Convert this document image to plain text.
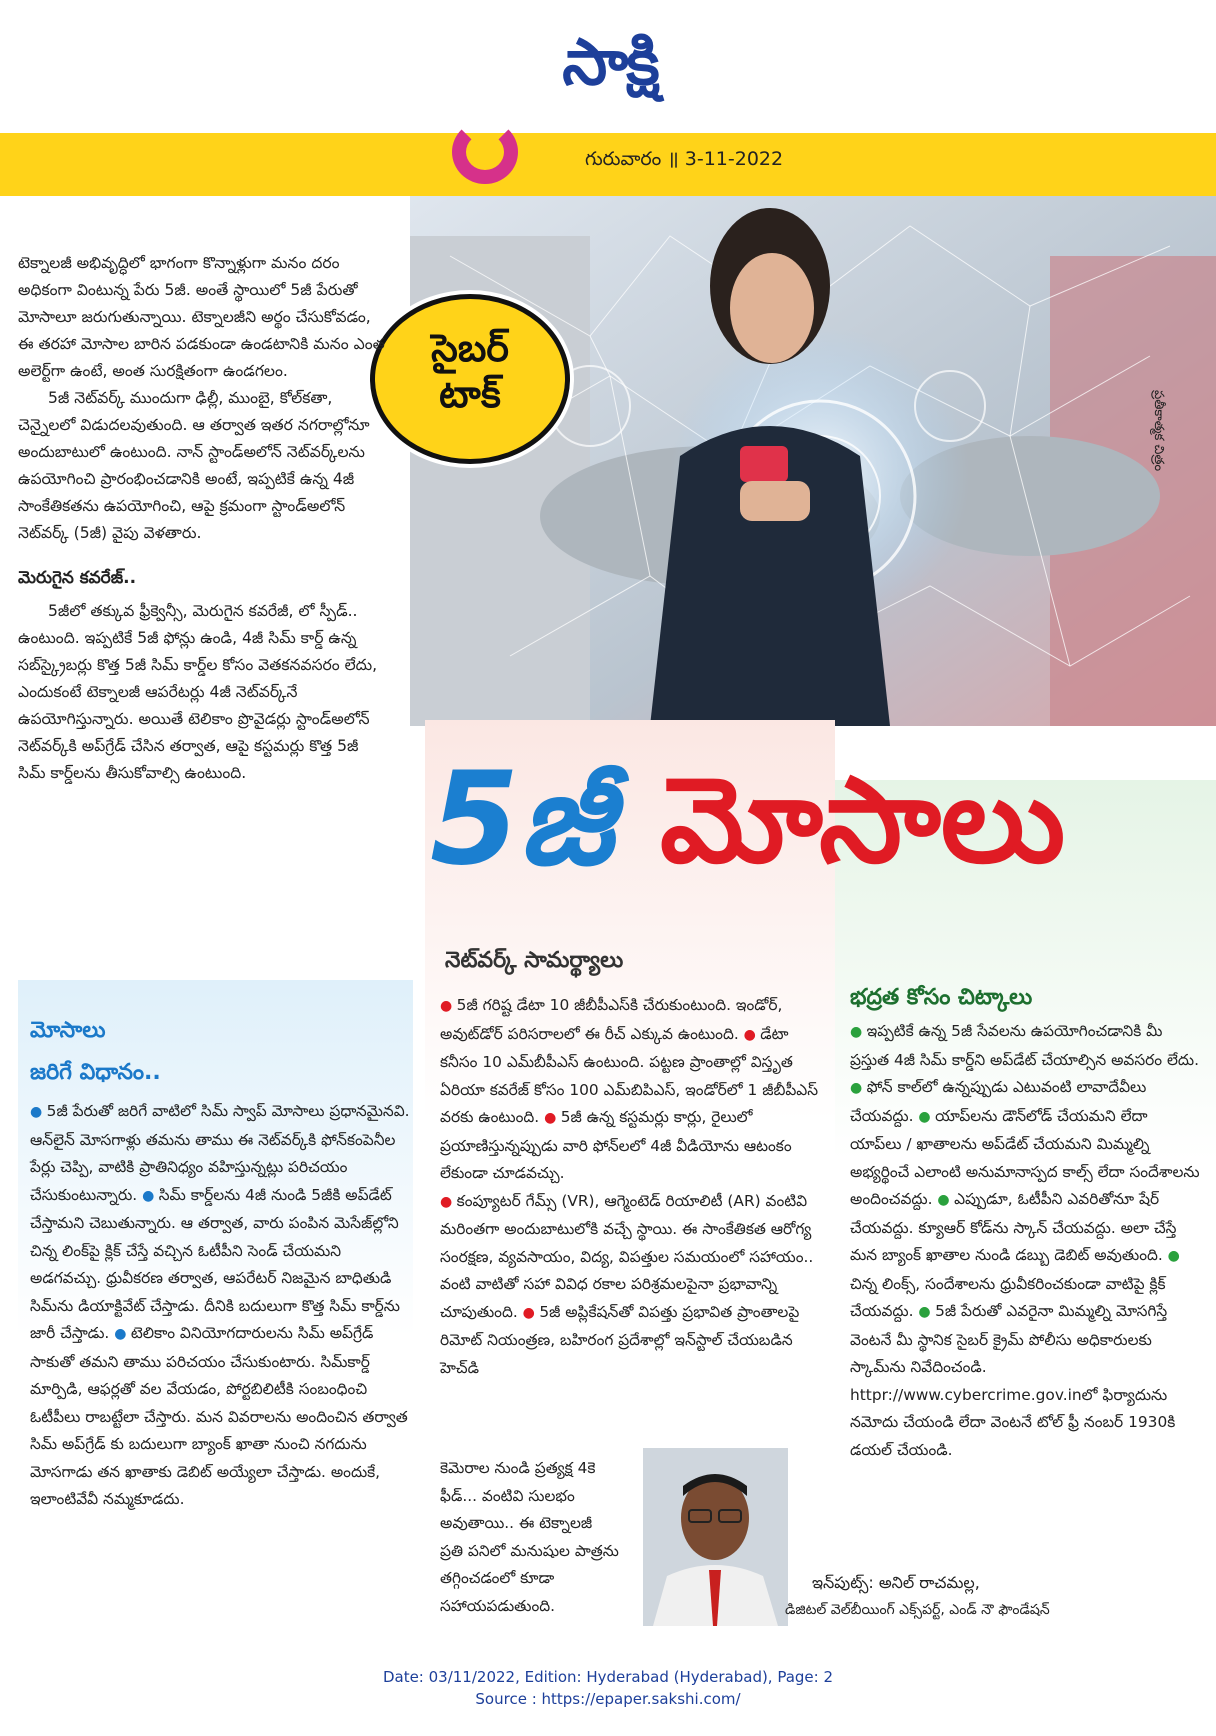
సాక్షి
గురువారం ॥ 3-11-2022
సైబర్
టాక్	ప్రతీకాత్మక చిత్రం

టెక్నాలజీ అభివృద్ధిలో భాగంగా కొన్నాళ్లుగా మనం దరం అధికంగా వింటున్న పేరు 5జీ. అంతే స్థాయిలో 5జీ పేరుతో మోసాలూ జరుగుతున్నాయి. టెక్నాలజీని అర్థం చేసుకోవడం, ఈ తరహా మోసాల బారిన పడకుండా ఉండటానికి మనం ఎంత అలెర్ట్‌గా ఉంటే, అంత సురక్షితంగా ఉండగలం.

5జీ నెట్‌వర్క్‌ ముందుగా ఢిల్లీ, ముంబై, కోల్‌కతా, చెన్నైలలో విడుదలవుతుంది. ఆ తర్వాత ఇతర నగరాల్లోనూ అందుబాటులో ఉంటుంది. నాన్‌ స్టాండ్‌అలోన్‌ నెట్‌వర్క్‌లను ఉపయోగించి ప్రారంభించడానికి అంటే, ఇప్పటికే ఉన్న 4జీ సాంకేతికతను ఉపయోగించి, ఆపై క్రమంగా స్టాండ్‌అలోన్‌ నెట్‌వర్క్‌ (5జీ) వైపు వెళతారు.

మెరుగైన కవరేజ్‌..

5జీలో తక్కువ ఫ్రీక్వెన్సీ, మెరుగైన కవరేజీ, లో స్పీడ్‌.. ఉంటుంది. ఇప్పటికే 5జీ ఫోన్లు ఉండి, 4జీ సిమ్‌ కార్డ్‌ ఉన్న సబ్‌స్క్రైబర్లు కొత్త 5జీ సిమ్‌ కార్డ్‌ల కోసం వెతకనవసరం లేదు, ఎందుకంటే టెక్నాలజీ ఆపరేటర్లు 4జీ నెట్‌వర్క్‌నే ఉపయోగిస్తున్నారు. అయితే టెలికాం ప్రొవైడర్లు స్టాండ్‌అలోన్‌ నెట్‌వర్క్‌కి అప్‌గ్రేడ్‌ చేసిన తర్వాత, ఆపై కస్టమర్లు కొత్త 5జీ సిమ్‌ కార్డ్‌లను తీసుకోవాల్సి ఉంటుంది.	5జీ మోసాలు
నెట్‌వర్క్‌ సామర్థ్యాలు

● 5జీ గరిష్ట డేటా 10 జీబీపీఎస్‌కి చేరుకుంటుంది. ఇండోర్, అవుట్‌డోర్‌ పరిసరాలలో ఈ రీచ్‌ ఎక్కువ ఉంటుంది. ● డేటా కనీసం 10 ఎమ్‌బీపీఎస్‌ ఉంటుంది. పట్టణ ప్రాంతాల్లో విస్తృత ఏరియా కవరేజ్‌ కోసం 100 ఎమ్‌బిపిఎస్, ఇండోర్‌లో 1 జీబీపీఎస్‌ వరకు ఉంటుంది. ● 5జీ ఉన్న కస్టమర్లు కార్లు, రైలులో ప్రయాణిస్తున్నప్పుడు వారి ఫోన్‌లలో 4జీ వీడియోను ఆటంకం లేకుండా చూడవచ్చు.

● కంప్యూటర్‌ గేమ్స్‌ (VR), ఆగ్మెంటెడ్‌ రియాలిటీ (AR) వంటివి మరింతగా అందుబాటులోకి వచ్చే స్థాయి. ఈ సాంకేతికత ఆరోగ్య సంరక్షణ, వ్యవసాయం, విద్య, విపత్తుల సమయంలో సహాయం.. వంటి వాటితో సహా వివిధ రకాల పరిశ్రమలపైనా ప్రభావాన్ని చూపుతుంది. ● 5జీ అప్లికేషన్‌తో విపత్తు ప్రభావిత ప్రాంతాలపై రిమోట్‌ నియంత్రణ, బహిరంగ ప్రదేశాల్లో ఇన్‌స్టాల్‌ చేయబడిన హెచ్‌డి

కెమెరాల నుండి ప్రత్యక్ష 4కె ఫీడ్‌... వంటివి సులభం అవుతాయి.. ఈ టెక్నాలజీ ప్రతి పనిలో మనుషుల పాత్రను తగ్గించడంలో కూడా సహాయపడుతుంది.
భద్రత కోసం చిట్కాలు

● ఇప్పటికే ఉన్న 5జీ సేవలను ఉపయోగించడానికి మీ ప్రస్తుత 4జీ సిమ్‌ కార్డ్‌ని అప్‌డేట్‌ చేయాల్సిన అవసరం లేదు. ● ఫోన్‌ కాల్‌లో ఉన్నప్పుడు ఎటువంటి లావాదేవీలు చేయవద్దు. ● యాప్‌లను డౌన్‌లోడ్‌ చేయమని లేదా యాప్‌లు / ఖాతాలను అప్‌డేట్‌ చేయమని మిమ్మల్ని అభ్యర్థించే ఎలాంటి అనుమానాస్పద కాల్స్‌ లేదా సందేశాలను అందించవద్దు. ● ఎప్పుడూ, ఓటీపీని ఎవరితోనూ షేర్‌ చేయవద్దు. క్యూఆర్‌ కోడ్‌ను స్కాన్‌ చేయవద్దు. అలా చేస్తే మన బ్యాంక్‌ ఖాతాల నుండి డబ్బు డెబిట్‌ అవుతుంది. ● చిన్న లింక్స్, సందేశాలను ధ్రువీకరించకుండా వాటిపై క్లిక్‌ చేయవద్దు. ● 5జీ పేరుతో ఎవరైనా మిమ్మల్ని మోసగిస్తే వెంటనే మీ స్థానిక సైబర్‌ క్రైమ్‌ పోలీసు అధికారులకు స్కామ్‌ను నివేదించండి.

httpr://www.cybercrime.gov.inలో ఫిర్యాదును నమోదు చేయండి లేదా వెంటనే టోల్‌ ఫ్రీ నంబర్‌ 1930కి డయల్‌ చేయండి.

మోసాలు
జరిగే విధానం..

● 5జీ పేరుతో జరిగే వాటిలో సిమ్‌ స్వాప్‌ మోసాలు ప్రధానమైనవి. ఆన్‌లైన్‌ మోసగాళ్లు తమను తాము ఈ నెట్‌వర్క్‌కి ఫోన్‌కంపెనీల పేర్లు చెప్పి, వాటికి ప్రాతినిధ్యం వహిస్తున్నట్లు పరిచయం చేసుకుంటున్నారు. ● సిమ్‌ కార్డ్‌లను 4జీ నుండి 5జీకి అప్‌డేట్‌ చేస్తామని చెబుతున్నారు. ఆ తర్వాత, వారు పంపిన మెసేజ్‌ల్లోని చిన్న లింక్‌పై క్లిక్‌ చేస్తే వచ్చిన ఓటీపీని సెండ్‌ చేయమని అడగవచ్చు. ధ్రువీకరణ తర్వాత, ఆపరేటర్‌ నిజమైన బాధితుడి సిమ్‌ను డియాక్టివేట్‌ చేస్తాడు. దీనికి బదులుగా కొత్త సిమ్‌ కార్డ్‌ను జారీ చేస్తాడు. ● టెలికాం వినియోగదారులను సిమ్‌ అప్‌గ్రేడ్‌ సాకుతో తమని తాము పరిచయం చేసుకుంటారు. సిమ్‌కార్డ్‌ మార్పిడి, ఆఫర్లతో వల వేయడం, పోర్టబిలిటీకి సంబంధించి ఓటీపీలు రాబట్టేలా చేస్తారు. మన వివరాలను అందించిన తర్వాత సిమ్‌ అప్‌గ్రేడ్‌ కు బదులుగా బ్యాంక్‌ ఖాతా నుంచి నగదును మోసగాడు తన ఖాతాకు డెబిట్‌ అయ్యేలా చేస్తాడు. అందుకే, ఇలాంటివేవీ నమ్మకూడదు.

ఇన్‌పుట్స్‌: అనిల్‌ రాచమల్ల,
డిజిటల్‌ వెల్‌బీయింగ్‌ ఎక్స్‌పర్ట్, ఎండ్‌ నౌ ఫౌండేషన్‌
Date: 03/11/2022, Edition: Hyderabad (Hyderabad), Page: 2
Source : https://epaper.sakshi.com/
